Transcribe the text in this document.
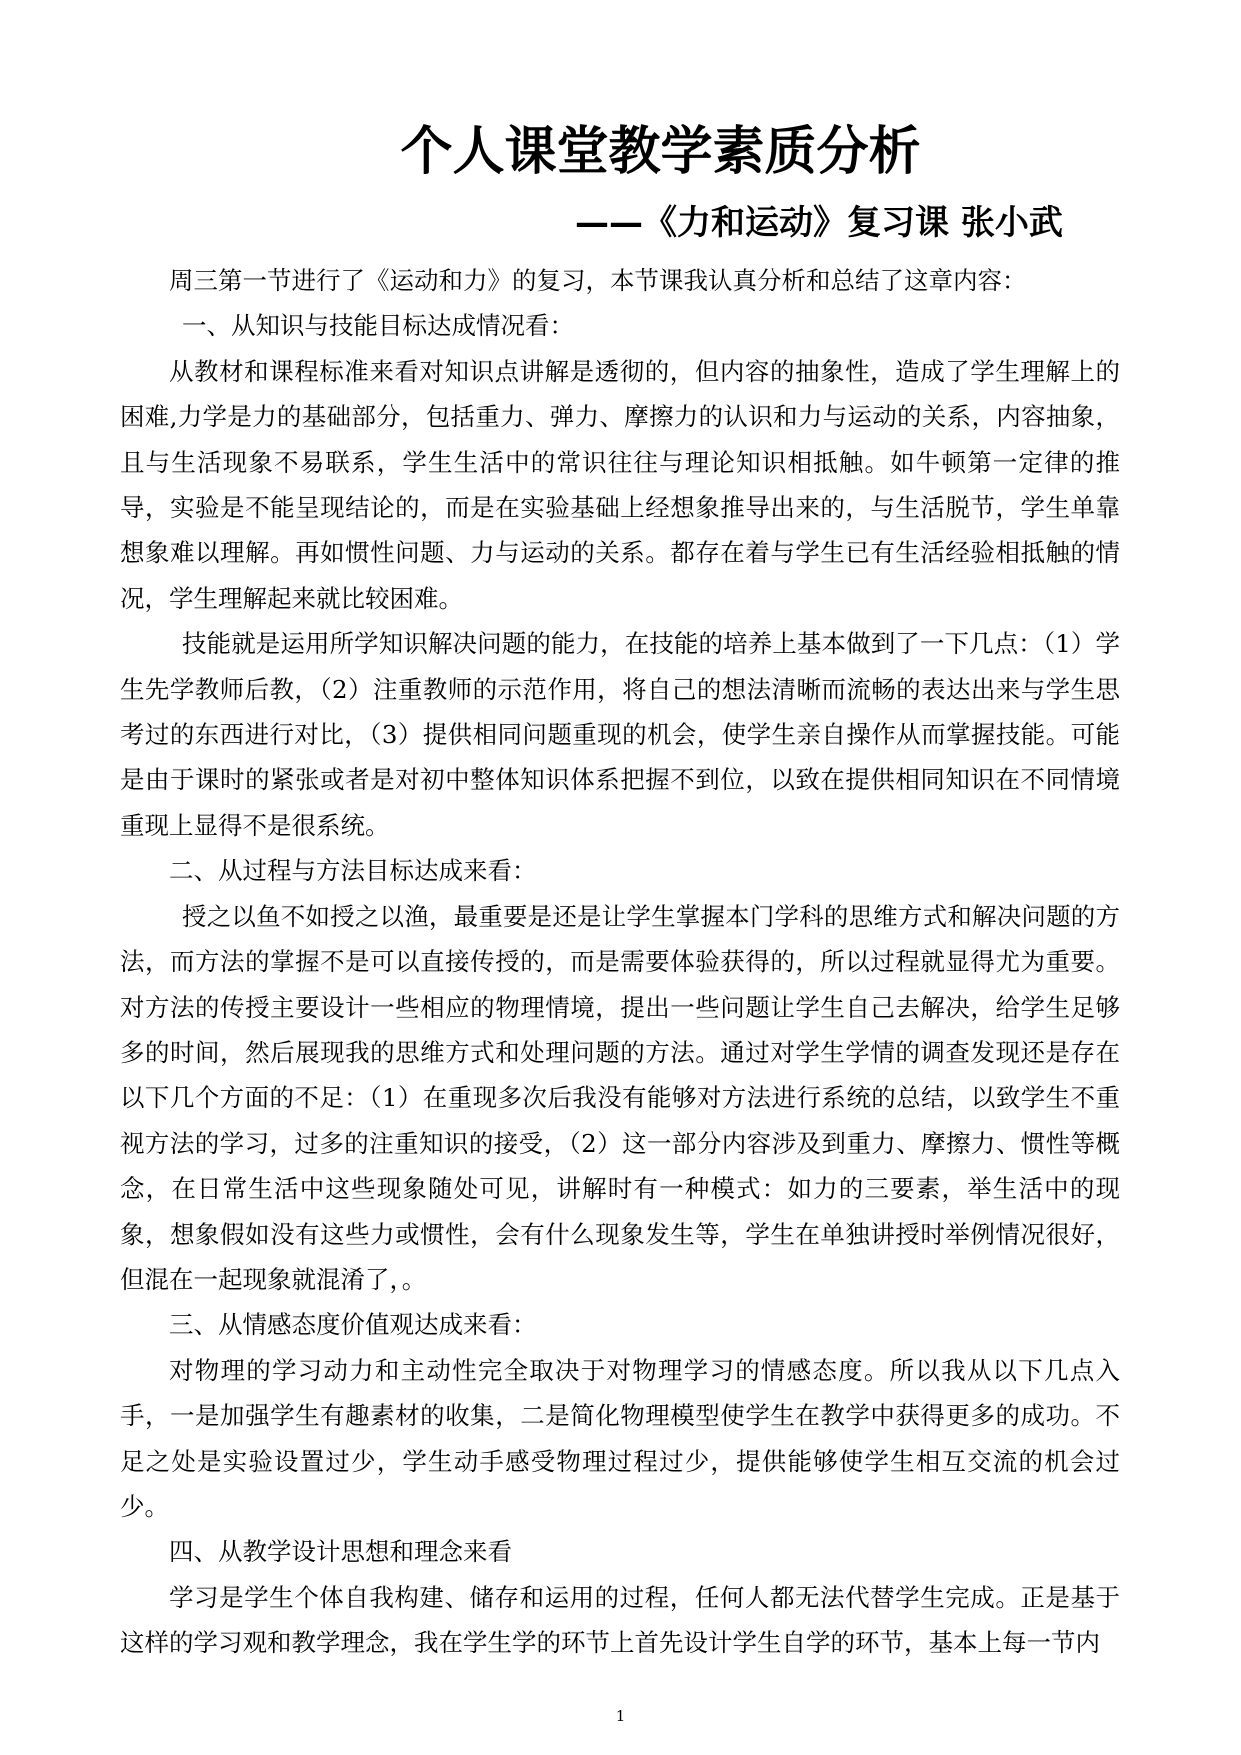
个人课堂教学素质分析
——《力和运动》复习课 张小武

周三第一节进行了《运动和力》的复习，本节课我认真分析和总结了这章内容：

一、从知识与技能目标达成情况看：

从教材和课程标准来看对知识点讲解是透彻的，但内容的抽象性，造成了学生理解上的困难,力学是力的基础部分，包括重力、弹力、摩擦力的认识和力与运动的关系，内容抽象，且与生活现象不易联系，学生生活中的常识往往与理论知识相抵触。如牛顿第一定律的推导，实验是不能呈现结论的，而是在实验基础上经想象推导出来的，与生活脱节，学生单靠想象难以理解。再如惯性问题、力与运动的关系。都存在着与学生已有生活经验相抵触的情况，学生理解起来就比较困难。

技能就是运用所学知识解决问题的能力，在技能的培养上基本做到了一下几点：（1）学生先学教师后教，（2）注重教师的示范作用，将自己的想法清晰而流畅的表达出来与学生思考过的东西进行对比，（3）提供相同问题重现的机会，使学生亲自操作从而掌握技能。可能是由于课时的紧张或者是对初中整体知识体系把握不到位，以致在提供相同知识在不同情境重现上显得不是很系统。

二、从过程与方法目标达成来看：

授之以鱼不如授之以渔，最重要是还是让学生掌握本门学科的思维方式和解决问题的方法，而方法的掌握不是可以直接传授的，而是需要体验获得的，所以过程就显得尤为重要。对方法的传授主要设计一些相应的物理情境，提出一些问题让学生自己去解决，给学生足够多的时间，然后展现我的思维方式和处理问题的方法。通过对学生学情的调查发现还是存在以下几个方面的不足：（1）在重现多次后我没有能够对方法进行系统的总结，以致学生不重视方法的学习，过多的注重知识的接受，（2）这一部分内容涉及到重力、摩擦力、惯性等概念，在日常生活中这些现象随处可见，讲解时有一种模式：如力的三要素，举生活中的现象，想象假如没有这些力或惯性，会有什么现象发生等，学生在单独讲授时举例情况很好，但混在一起现象就混淆了，。

三、从情感态度价值观达成来看：

对物理的学习动力和主动性完全取决于对物理学习的情感态度。所以我从以下几点入手，一是加强学生有趣素材的收集，二是简化物理模型使学生在教学中获得更多的成功。不足之处是实验设置过少，学生动手感受物理过程过少，提供能够使学生相互交流的机会过少。

四、从教学设计思想和理念来看

学习是学生个体自我构建、储存和运用的过程，任何人都无法代替学生完成。正是基于这样的学习观和教学理念，我在学生学的环节上首先设计学生自学的环节，基本上每一节内

1
